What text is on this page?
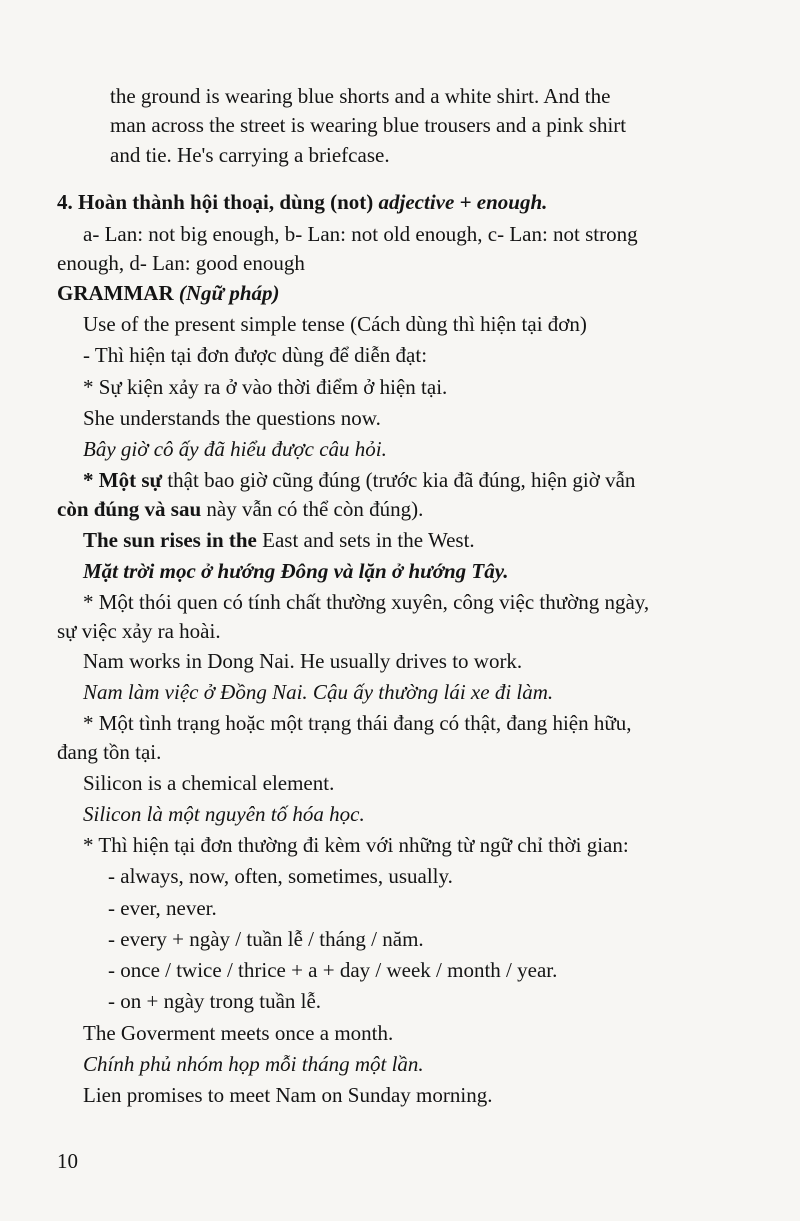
the ground is wearing blue shorts and a white shirt. And the
man across the street is wearing blue trousers and a pink shirt
and tie. He's carrying a briefcase.
4. Hoàn thành hội thoại, dùng (not) adjective + enough.
a- Lan: not big enough, b- Lan: not old enough, c- Lan: not strong
enough, d- Lan: good enough
GRAMMAR (Ngữ pháp)
Use of the present simple tense (Cách dùng thì hiện tại đơn)
- Thì hiện tại đơn được dùng để diễn đạt:
* Sự kiện xảy ra ở vào thời điểm ở hiện tại.
She understands the questions now.
Bây giờ cô ấy đã hiểu được câu hỏi.
* Một sự thật bao giờ cũng đúng (trước kia đã đúng, hiện giờ vẫn
còn đúng và sau này vẫn có thể còn đúng).
The sun rises in the East and sets in the West.
Mặt trời mọc ở hướng Đông và lặn ở hướng Tây.
* Một thói quen có tính chất thường xuyên, công việc thường ngày,
sự việc xảy ra hoài.
Nam works in Dong Nai. He usually drives to work.
Nam làm việc ở Đồng Nai. Cậu ấy thường lái xe đi làm.
* Một tình trạng hoặc một trạng thái đang có thật, đang hiện hữu,
đang tồn tại.
Silicon is a chemical element.
Silicon là một nguyên tố hóa học.
* Thì hiện tại đơn thường đi kèm với những từ ngữ chỉ thời gian:
- always, now, often, sometimes, usually.
- ever, never.
- every + ngày / tuần lễ / tháng / năm.
- once / twice / thrice + a + day / week / month / year.
- on + ngày trong tuần lễ.
The Goverment meets once a month.
Chính phủ nhóm họp mỗi tháng một lần.
Lien promises to meet Nam on Sunday morning.
10
